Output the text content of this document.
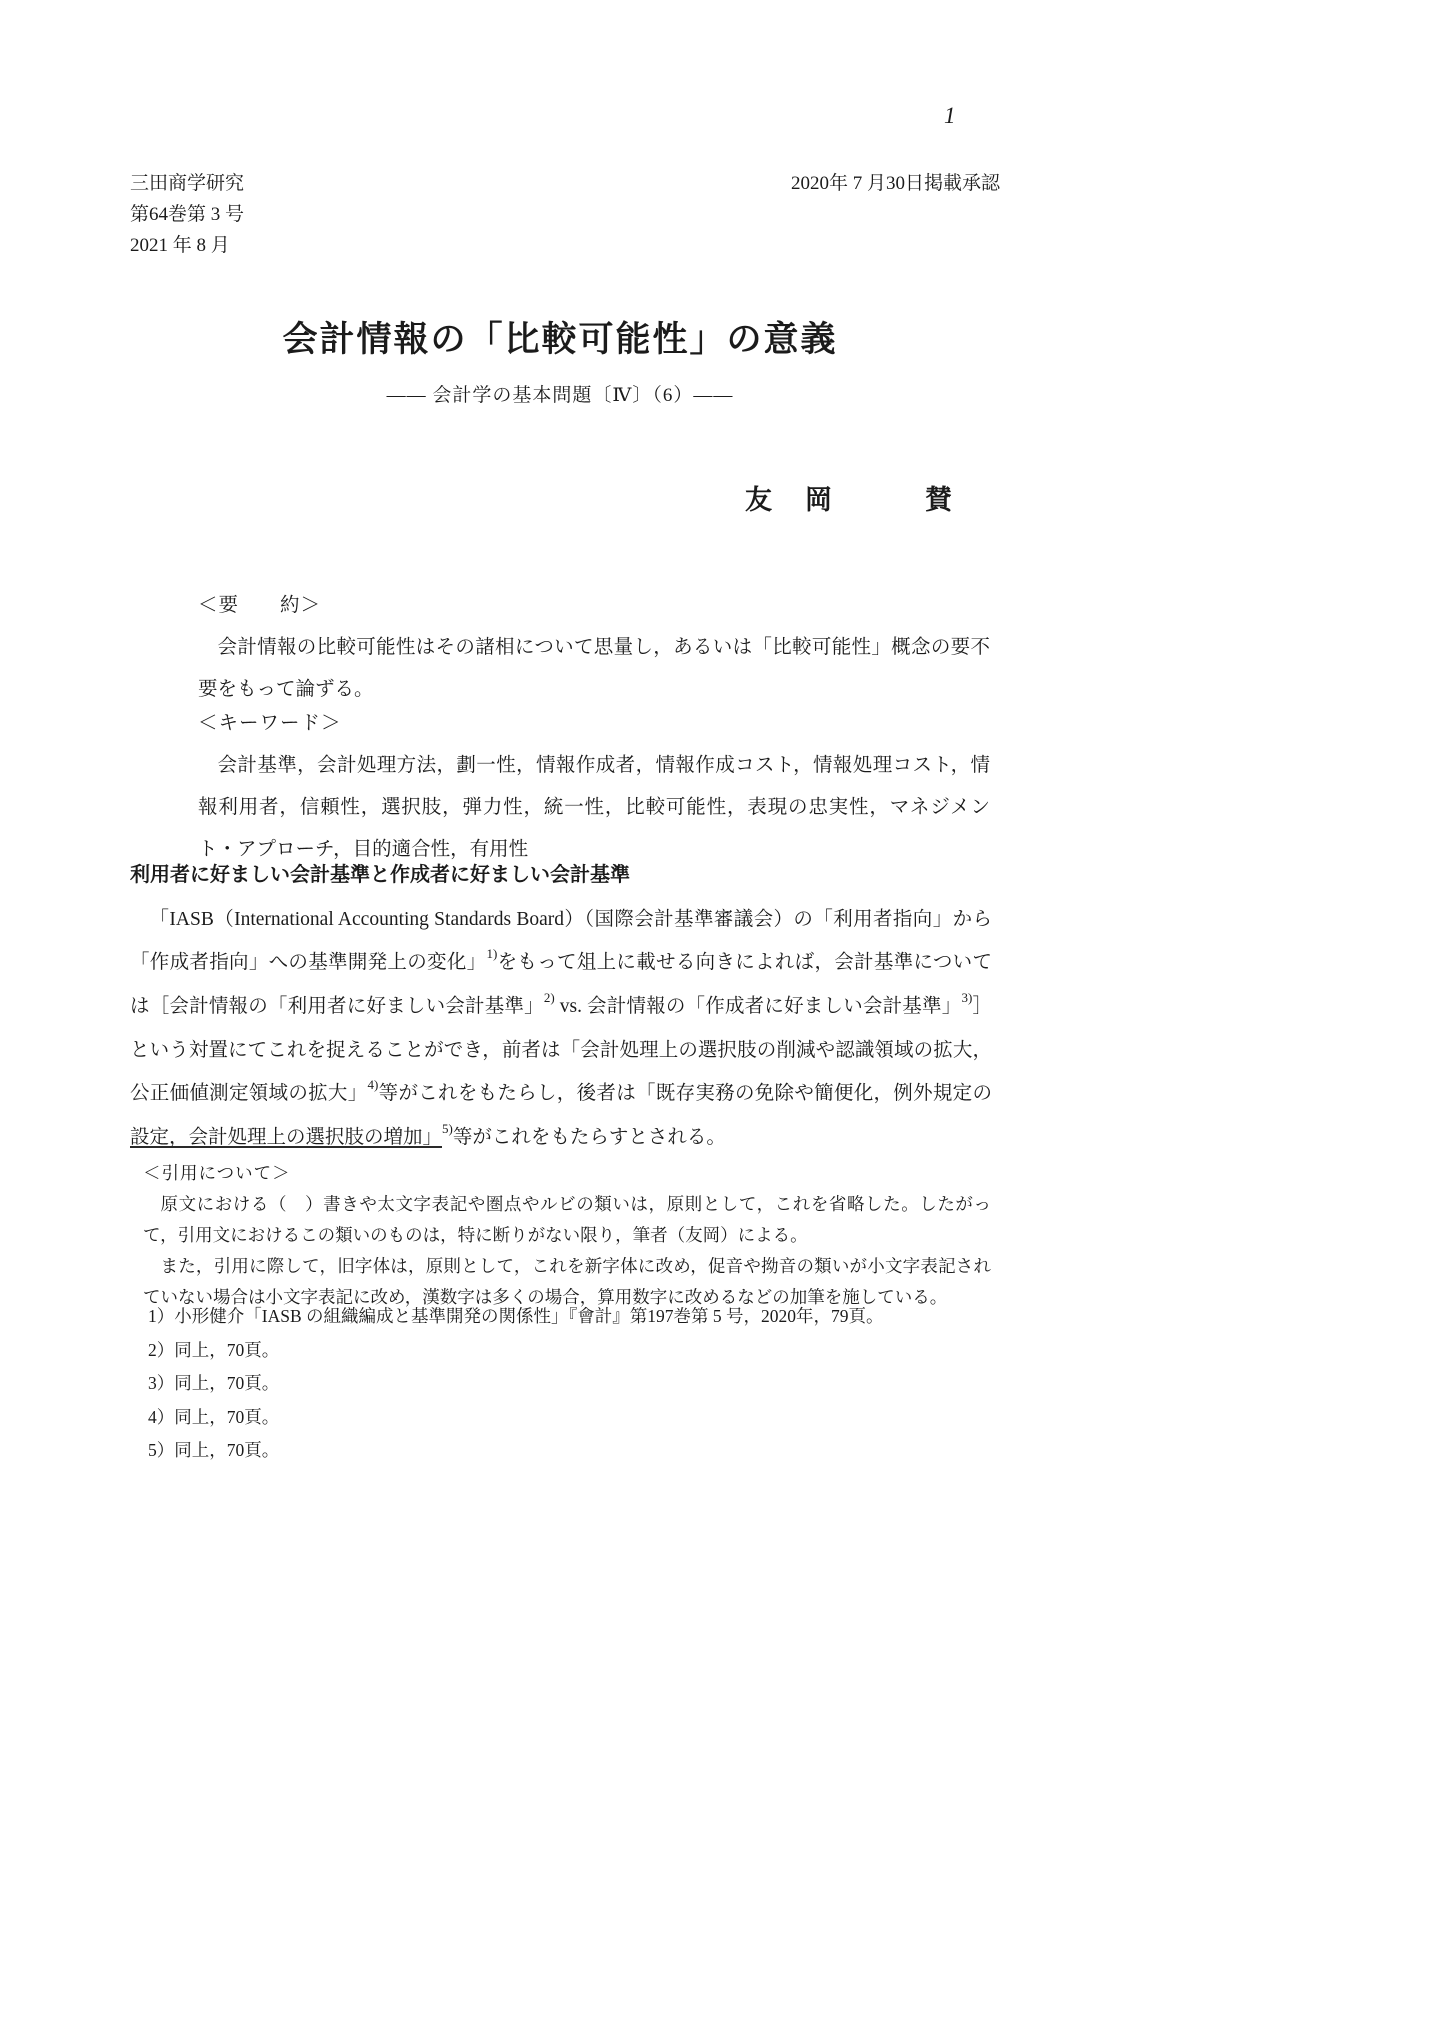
1
三田商学研究
第64巻第 3 号
2021 年 8 月
2020年 7 月30日掲載承認
会計情報の「比較可能性」の意義
―― 会計学の基本問題〔Ⅳ〕（6）――
友　岡　　　賛
＜要　　約＞
会計情報の比較可能性はその諸相について思量し，あるいは「比較可能性」概念の要不要をもって論ずる。
＜キーワード＞
会計基準，会計処理方法，劃一性，情報作成者，情報作成コスト，情報処理コスト，情報利用者，信頼性，選択肢，弾力性，統一性，比較可能性，表現の忠実性，マネジメント・アプローチ，目的適合性，有用性
利用者に好ましい会計基準と作成者に好ましい会計基準
「IASB（International Accounting Standards Board）（国際会計基準審議会）の「利用者指向」から「作成者指向」への基準開発上の変化」$^{1)}$をもって俎上に載せる向きによれば，会計基準については［会計情報の「利用者に好ましい会計基準」$^{2)}$ vs. 会計情報の「作成者に好ましい会計基準」$^{3)}$］という対置にてこれを捉えることができ，前者は「会計処理上の選択肢の削減や認識領域の拡大，公正価値測定領域の拡大」$^{4)}$等がこれをもたらし，後者は「既存実務の免除や簡便化，例外規定の設定，会計処理上の選択肢の増加」$^{5)}$等がこれをもたらすとされる。
＜引用について＞
原文における（　）書きや太文字表記や圏点やルビの類いは，原則として，これを省略した。したがって，引用文におけるこの類いのものは，特に断りがない限り，筆者（友岡）による。
また，引用に際して，旧字体は，原則として，これを新字体に改め，促音や拗音の類いが小文字表記されていない場合は小文字表記に改め，漢数字は多くの場合，算用数字に改めるなどの加筆を施している。
1）小形健介「IASB の組織編成と基準開発の関係性」『會計』第197巻第 5 号，2020年，79頁。
2）同上，70頁。
3）同上，70頁。
4）同上，70頁。
5）同上，70頁。
